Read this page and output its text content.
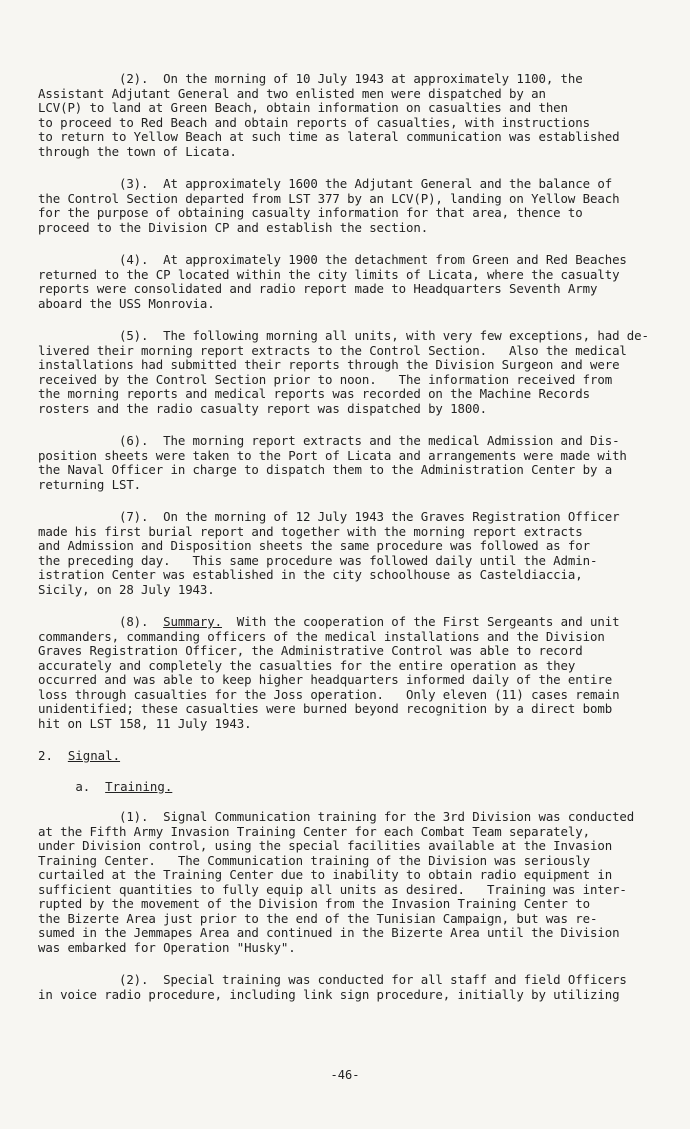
(2).  On the morning of 10 July 1943 at approximately 1100, the
Assistant Adjutant General and two enlisted men were dispatched by an
LCV(P) to land at Green Beach, obtain information on casualties and then
to proceed to Red Beach and obtain reports of casualties, with instructions
to return to Yellow Beach at such time as lateral communication was established
through the town of Licata.
(3).  At approximately 1600 the Adjutant General and the balance of
the Control Section departed from LST 377 by an LCV(P), landing on Yellow Beach
for the purpose of obtaining casualty information for that area, thence to
proceed to the Division CP and establish the section.
(4).  At approximately 1900 the detachment from Green and Red Beaches
returned to the CP located within the city limits of Licata, where the casualty
reports were consolidated and radio report made to Headquarters Seventh Army
aboard the USS Monrovia.
(5).  The following morning all units, with very few exceptions, had de-
livered their morning report extracts to the Control Section.   Also the medical
installations had submitted their reports through the Division Surgeon and were
received by the Control Section prior to noon.   The information received from
the morning reports and medical reports was recorded on the Machine Records
rosters and the radio casualty report was dispatched by 1800.
(6).  The morning report extracts and the medical Admission and Dis-
position sheets were taken to the Port of Licata and arrangements were made with
the Naval Officer in charge to dispatch them to the Administration Center by a
returning LST.
(7).  On the morning of 12 July 1943 the Graves Registration Officer
made his first burial report and together with the morning report extracts
and Admission and Disposition sheets the same procedure was followed as for
the preceding day.   This same procedure was followed daily until the Admin-
istration Center was established in the city schoolhouse as Casteldiaccia,
Sicily, on 28 July 1943.
(8).  Summary.  With the cooperation of the First Sergeants and unit
commanders, commanding officers of the medical installations and the Division
Graves Registration Officer, the Administrative Control was able to record
accurately and completely the casualties for the entire operation as they
occurred and was able to keep higher headquarters informed daily of the entire
loss through casualties for the Joss operation.   Only eleven (11) cases remain
unidentified; these casualties were burned beyond recognition by a direct bomb
hit on LST 158, 11 July 1943.
2. Signal.
a. Training.
(1).  Signal Communication training for the 3rd Division was conducted
at the Fifth Army Invasion Training Center for each Combat Team separately,
under Division control, using the special facilities available at the Invasion
Training Center.   The Communication training of the Division was seriously
curtailed at the Training Center due to inability to obtain radio equipment in
sufficient quantities to fully equip all units as desired.   Training was inter-
rupted by the movement of the Division from the Invasion Training Center to
the Bizerte Area just prior to the end of the Tunisian Campaign, but was re-
sumed in the Jemmapes Area and continued in the Bizerte Area until the Division
was embarked for Operation "Husky".
(2).  Special training was conducted for all staff and field Officers
in voice radio procedure, including link sign procedure, initially by utilizing
-46-
